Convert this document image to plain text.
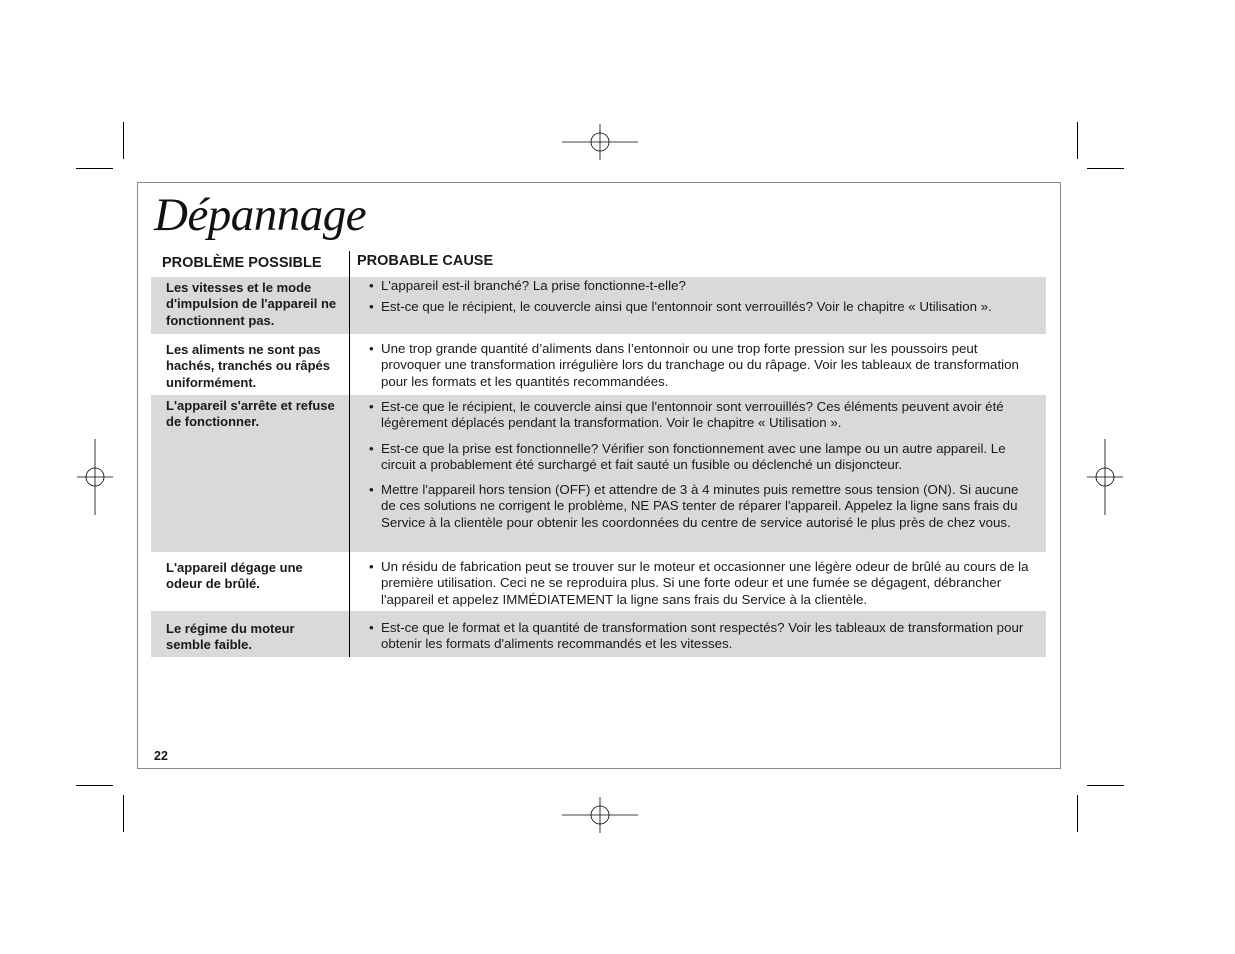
Dépannage
PROBLÈME POSSIBLE	PROBABLE CAUSE
Les vitesses et le mode d'impulsion de l'appareil ne fonctionnent pas.
• L'appareil est-il branché? La prise fonctionne-t-elle?
• Est-ce que le récipient, le couvercle ainsi que l'entonnoir sont verrouillés? Voir le chapitre « Utilisation ».
Les aliments ne sont pas hachés, tranchés ou râpés uniformément.
• Une trop grande quantité d’aliments dans l’entonnoir ou une trop forte pression sur les poussoirs peut provoquer une transformation irrégulière lors du tranchage ou du râpage. Voir les tableaux de transformation pour les formats et les quantités recommandées.
L'appareil s'arrête et refuse de fonctionner.
• Est-ce que le récipient, le couvercle ainsi que l'entonnoir sont verrouillés? Ces éléments peuvent avoir été légèrement déplacés pendant la transformation. Voir le chapitre « Utilisation ».
• Est-ce que la prise est fonctionnelle? Vérifier son fonctionnement avec une lampe ou un autre appareil. Le circuit a probablement été surchargé et fait sauté un fusible ou déclenché un disjoncteur.
• Mettre l'appareil hors tension (OFF) et attendre de 3 à 4 minutes puis remettre sous tension (ON). Si aucune de ces solutions ne corrigent le problème, NE PAS tenter de réparer l'appareil. Appelez la ligne sans frais du Service à la clientèle pour obtenir les coordonnées du centre de service autorisé le plus près de chez vous.
L'appareil dégage une odeur de brûlé.
• Un résidu de fabrication peut se trouver sur le moteur et occasionner une légère odeur de brûlé au cours de la première utilisation. Ceci ne se reproduira plus. Si une forte odeur et une fumée se dégagent, débrancher l'appareil et appelez IMMÉDIATEMENT la ligne sans frais du Service à la clientèle.
Le régime du moteur semble faible.
• Est-ce que le format et la quantité de transformation sont respectés? Voir les tableaux de transformation pour obtenir les formats d'aliments recommandés et les vitesses.
22
